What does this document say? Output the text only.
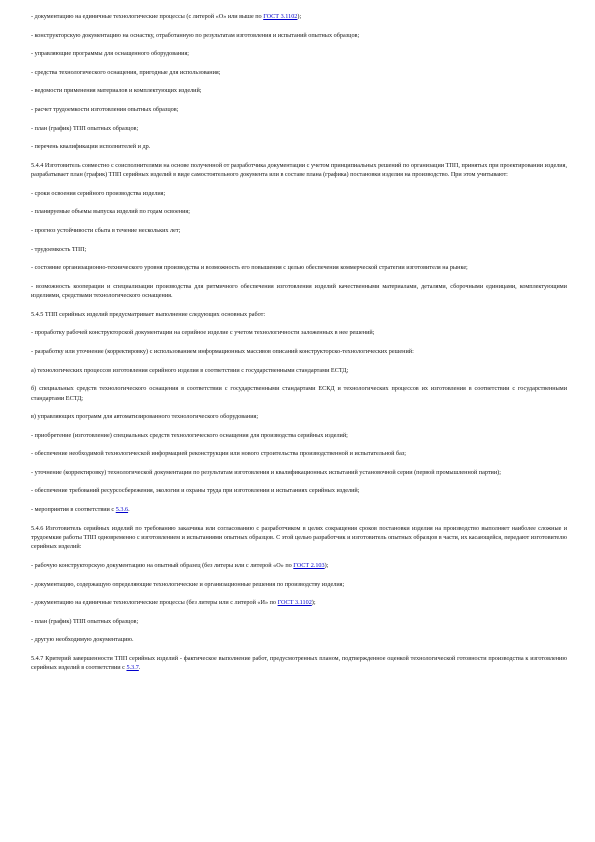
- документацию на единичные технологические процессы (с литерой «О» или выше по ГОСТ 3.1102);

- конструкторскую документацию на оснастку, отработанную по результатам изготовления и испытаний опытных образцов;

- управляющие программы для оснащенного оборудования;

- средства технологического оснащения, пригодные для использования;

- ведомости применения материалов и комплектующих изделий;

- расчет трудоемкости изготовления опытных образцов;

- план (график) ТПП опытных образцов;

- перечень квалификации исполнителей и др.

5.4.4 Изготовитель совместно с соисполнителями на основе полученной от разработчика документации с учетом принципиальных решений по организации ТПП, принятых при проектировании изделия, разрабатывает план (график) ТПП серийных изделий в виде самостоятельного документа или в составе плана (графика) постановки изделия на производство. При этом учитывают:

- сроки освоения серийного производства изделия;

- планируемые объемы выпуска изделий по годам освоения;

- прогноз устойчивости сбыта в течение нескольких лет;

- трудоемкость ТПП;

- состояние организационно-технического уровня производства и возможность его повышения с целью обеспечения коммерческой стратегии изготовителя на рынке;

- возможность кооперации и специализации производства для ритмичного обеспечения изготовления изделий качественными материалами, деталями, сборочными единицами, комплектующими изделиями, средствами технологического оснащения.

5.4.5 ТПП серийных изделий предусматривает выполнение следующих основных работ:

- проработку рабочей конструкторской документации на серийное изделие с учетом технологичности заложенных в нее решений;

- разработку или уточнение (корректировку) с использованием информационных массивов описаний конструкторско-технологических решений:

а) технологических процессов изготовления серийного изделия в соответствии с государственными стандартами ЕСТД;

б) специальных средств технологического оснащения в соответствии с государственными стандартами ЕСКД и технологических процессов их изготовления в соответствии с государственными стандартами ЕСТД;

в) управляющих программ для автоматизированного технологического оборудования;

- приобретение (изготовление) специальных средств технологического оснащения для производства серийных изделий;

- обеспечение необходимой технологической информацией реконструкции или нового строительства производственной и испытательной баз;

- уточнение (корректировку) технологической документации по результатам изготовления и квалификационных испытаний установочной серии (первой промышленной партии);

- обеспечение требований ресурсосбережения, экологии и охраны труда при изготовлении и испытаниях серийных изделий;

- мероприятия в соответствии с 5.3.6.

5.4.6 Изготовитель серийных изделий по требованию заказчика или согласованию с разработчиком в целях сокращения сроков постановки изделия на производство выполняет наиболее сложные и трудоемкие работы ТПП одновременно с изготовлением и испытаниями опытных образцов. С этой целью разработчик и изготовитель опытных образцов в части, их касающейся, передают изготовителю серийных изделий:

- рабочую конструкторскую документацию на опытный образец (без литеры или с литерой «О» по ГОСТ 2.103);

- документацию, содержащую определяющие технологические и организационные решения по производству изделия;

- документацию на единичные технологические процессы (без литеры или с литерой «И» по ГОСТ 3.1102);

- план (график) ТПП опытных образцов;

- другую необходимую документацию.

5.4.7 Критерий завершенности ТПП серийных изделий - фактическое выполнение работ, предусмотренных планом, подтвержденное оценкой технологической готовности производства к изготовлению серийных изделий в соответствии с 5.3.7.
